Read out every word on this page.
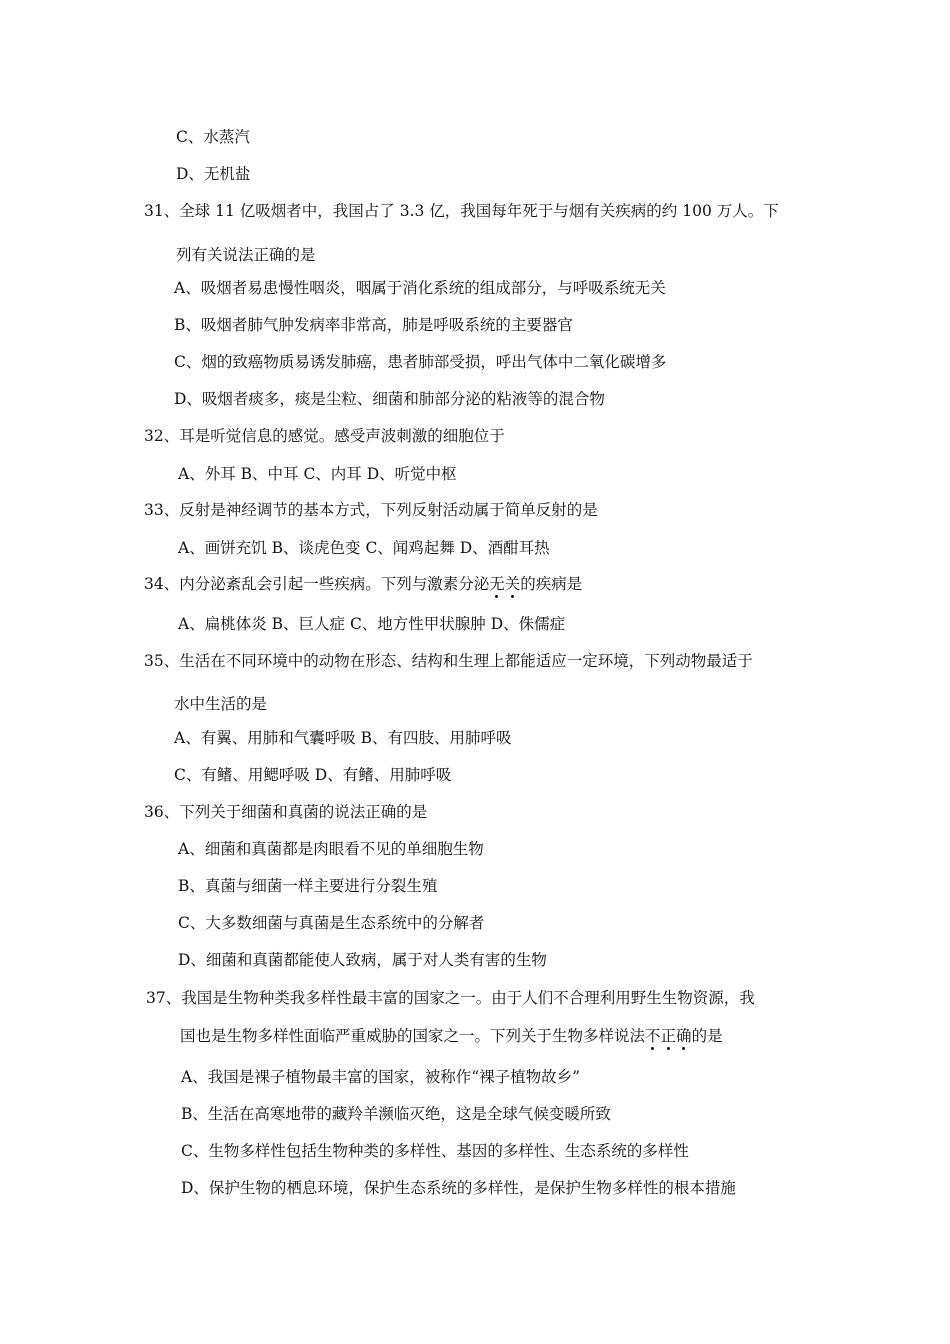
C、水蒸汽
D、无机盐
31、全球 11 亿吸烟者中，我国占了 3.3 亿，我国每年死于与烟有关疾病的约 100 万人。下
列有关说法正确的是
A、吸烟者易患慢性咽炎，咽属于消化系统的组成部分，与呼吸系统无关
B、吸烟者肺气肿发病率非常高，肺是呼吸系统的主要器官
C、烟的致癌物质易诱发肺癌，患者肺部受损，呼出气体中二氧化碳增多
D、吸烟者痰多，痰是尘粒、细菌和肺部分泌的粘液等的混合物
32、耳是听觉信息的感觉。感受声波刺激的细胞位于
A、外耳 B、中耳 C、内耳 D、听觉中枢
33、反射是神经调节的基本方式，下列反射活动属于简单反射的是
A、画饼充饥 B、谈虎色变 C、闻鸡起舞 D、酒酣耳热
34、内分泌紊乱会引起一些疾病。下列与激素分泌无关的疾病是
A、扁桃体炎 B、巨人症 C、地方性甲状腺肿 D、侏儒症
35、生活在不同环境中的动物在形态、结构和生理上都能适应一定环境，下列动物最适于
水中生活的是
A、有翼、用肺和气囊呼吸 B、有四肢、用肺呼吸
C、有鳍、用鳃呼吸 D、有鳍、用肺呼吸
36、下列关于细菌和真菌的说法正确的是
A、细菌和真菌都是肉眼看不见的单细胞生物
B、真菌与细菌一样主要进行分裂生殖
C、大多数细菌与真菌是生态系统中的分解者
D、细菌和真菌都能使人致病，属于对人类有害的生物
37、我国是生物种类我多样性最丰富的国家之一。由于人们不合理利用野生生物资源，我
国也是生物多样性面临严重威胁的国家之一。下列关于生物多样说法不正确的是
A、我国是裸子植物最丰富的国家，被称作“裸子植物故乡”
B、生活在高寒地带的藏羚羊濒临灭绝，这是全球气候变暖所致
C、生物多样性包括生物种类的多样性、基因的多样性、生态系统的多样性
D、保护生物的栖息环境，保护生态系统的多样性，是保护生物多样性的根本措施
